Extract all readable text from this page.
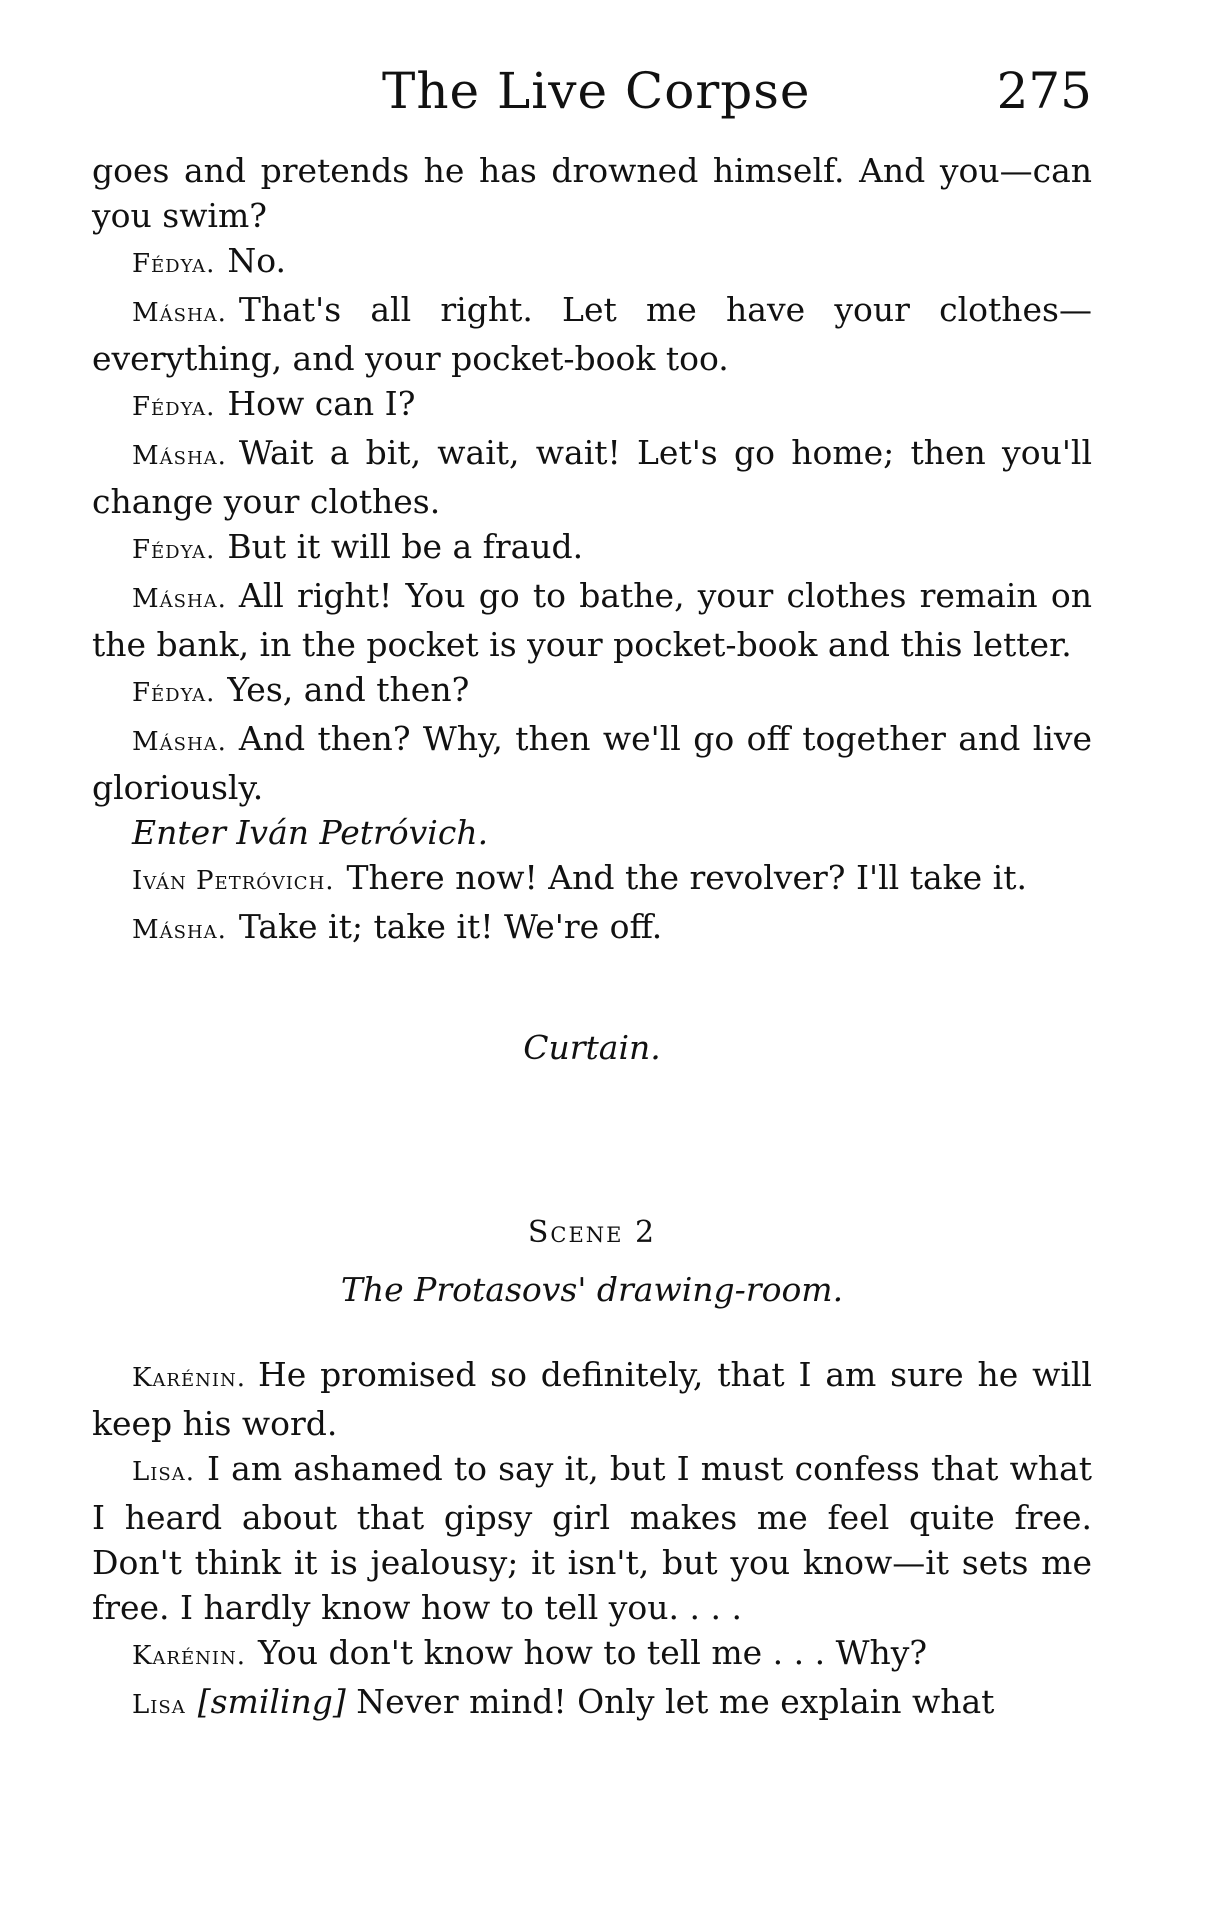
The Live Corpse	275

goes and pretends he has drowned himself. And you—can you swim?

Fédya. No.

Másha. That's all right. Let me have your clothes—everything, and your pocket-book too.

Fédya. How can I?

Másha. Wait a bit, wait, wait! Let's go home; then you'll change your clothes.

Fédya. But it will be a fraud.

Másha. All right! You go to bathe, your clothes remain on the bank, in the pocket is your pocket-book and this letter.

Fédya. Yes, and then?

Másha. And then? Why, then we'll go off together and live gloriously.

Enter Iván Petróvich.

Iván Petróvich. There now! And the revolver? I'll take it.

Másha. Take it; take it! We're off.

Curtain.

Scene 2

The Protasovs' drawing-room.

Karénin. He promised so definitely, that I am sure he will keep his word.

Lisa. I am ashamed to say it, but I must confess that what I heard about that gipsy girl makes me feel quite free. Don't think it is jealousy; it isn't, but you know—it sets me free. I hardly know how to tell you. . . .

Karénin. You don't know how to tell me . . . Why?

Lisa [smiling] Never mind! Only let me explain what
